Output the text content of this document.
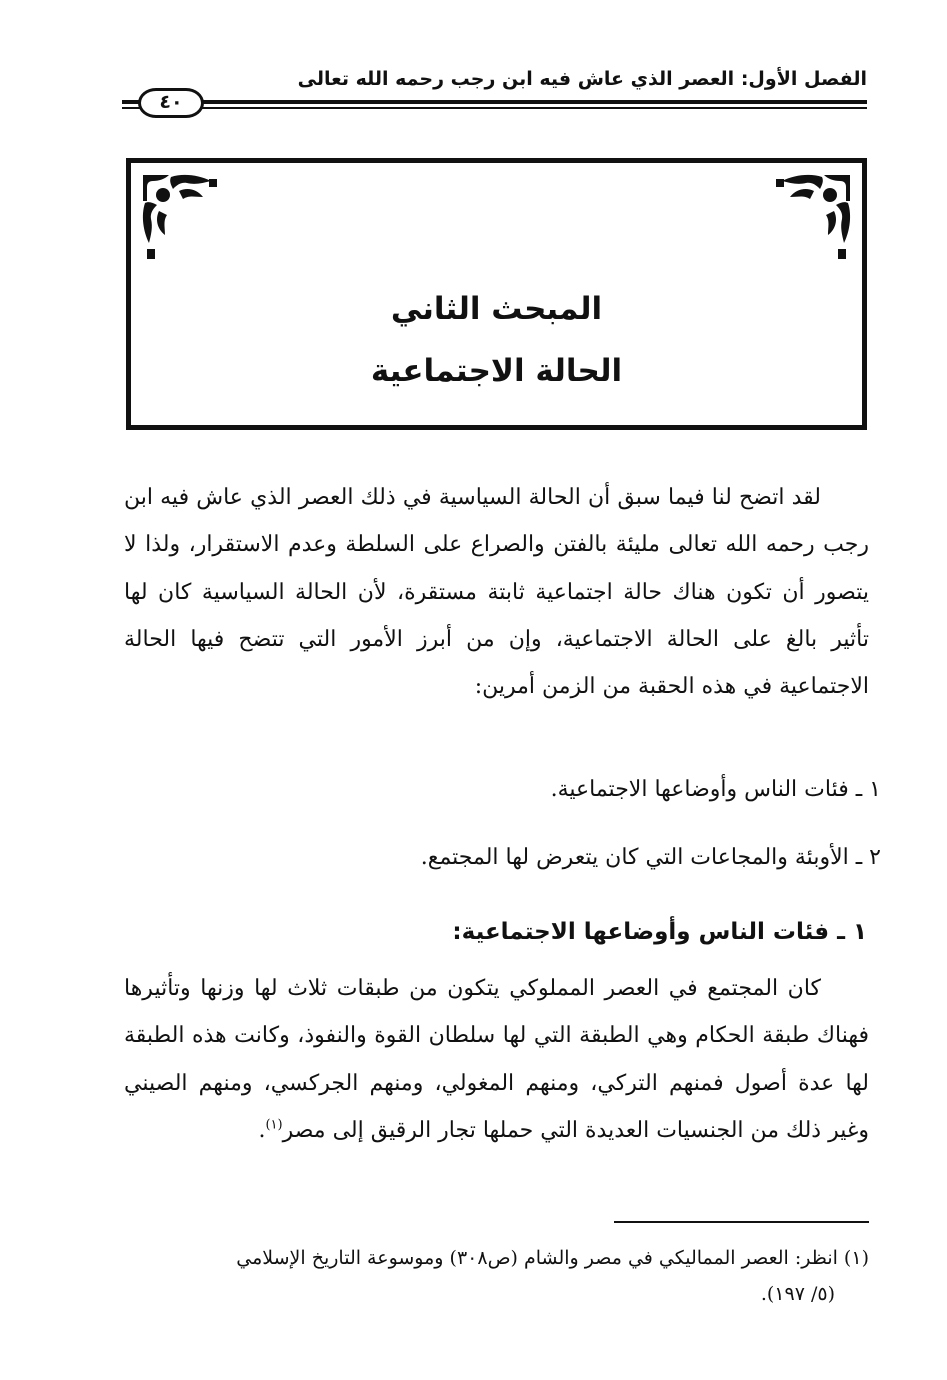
الفصل الأول: العصر الذي عاش فيه ابن رجب رحمه الله تعالى
٤٠
المبحث الثاني
الحالة الاجتماعية
لقد اتضح لنا فيما سبق أن الحالة السياسية في ذلك العصر الذي عاش فيه ابن رجب رحمه الله تعالى مليئة بالفتن والصراع على السلطة وعدم الاستقرار، ولذا لا يتصور أن تكون هناك حالة اجتماعية ثابتة مستقرة، لأن الحالة السياسية كان لها تأثير بالغ على الحالة الاجتماعية، وإن من أبرز الأمور التي تتضح فيها الحالة الاجتماعية في هذه الحقبة من الزمن أمرين:
١ ـ فئات الناس وأوضاعها الاجتماعية.
٢ ـ الأوبئة والمجاعات التي كان يتعرض لها المجتمع.
١ ـ فئات الناس وأوضاعها الاجتماعية:
كان المجتمع في العصر المملوكي يتكون من طبقات ثلاث لها وزنها وتأثيرها فهناك طبقة الحكام وهي الطبقة التي لها سلطان القوة والنفوذ، وكانت هذه الطبقة لها عدة أصول فمنهم التركي، ومنهم المغولي، ومنهم الجركسي، ومنهم الصيني وغير ذلك من الجنسيات العديدة التي حملها تجار الرقيق إلى مصر$^{(١)}$.
(١) انظر: العصر المماليكي في مصر والشام (ص٣٠٨) وموسوعة التاريخ الإسلامي
(٥/ ١٩٧).
